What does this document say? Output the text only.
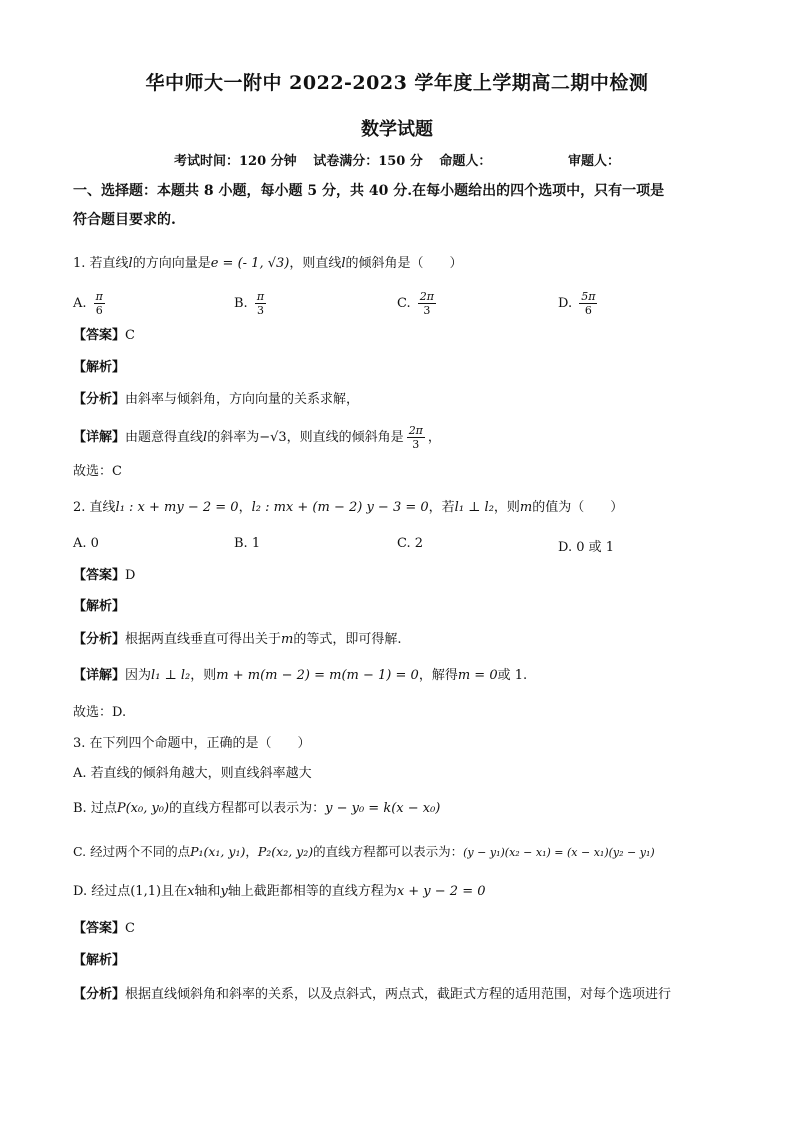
华中师大一附中 2022-2023 学年度上学期高二期中检测
数学试题
考试时间：120 分钟 试卷满分：150 分 命题人：	审题人：
一、选择题：本题共 8 小题，每小题 5 分，共 40 分.在每小题给出的四个选项中，只有一项是
符合题目要求的.
1. 若直线l的方向向量是e = (- 1, √3)，则直线l的倾斜角是（　　）
A. $\frac{\pi}{6}$	B. $\frac{\pi}{3}$	C. $\frac{2\pi}{3}$	D. $\frac{5\pi}{6}$
【答案】C
【解析】
【分析】由斜率与倾斜角，方向向量的关系求解，
【详解】由题意得直线l的斜率为−√3，则直线的倾斜角是 $\frac{2\pi}{3}$ ，
故选：C
2. 直线l₁ : x + my − 2 = 0，l₂ : mx + (m − 2) y − 3 = 0，若l₁ ⊥ l₂，则m的值为（　　）
A. 0	B. 1	C. 2	D. 0 或 1
【答案】D
【解析】
【分析】根据两直线垂直可得出关于m的等式，即可得解.
【详解】因为l₁ ⊥ l₂，则m + m(m − 2) = m(m − 1) = 0，解得m = 0或 1.
故选：D.
3. 在下列四个命题中，正确的是（　　）
A. 若直线的倾斜角越大，则直线斜率越大
B. 过点P(x₀, y₀)的直线方程都可以表示为：y − y₀ = k(x − x₀)
C. 经过两个不同的点P₁(x₁, y₁)，P₂(x₂, y₂)的直线方程都可以表示为：(y − y₁)(x₂ − x₁) = (x − x₁)(y₂ − y₁)
D. 经过点(1,1)且在x轴和y轴上截距都相等的直线方程为x + y − 2 = 0
【答案】C
【解析】
【分析】根据直线倾斜角和斜率的关系，以及点斜式，两点式，截距式方程的适用范围，对每个选项进行
